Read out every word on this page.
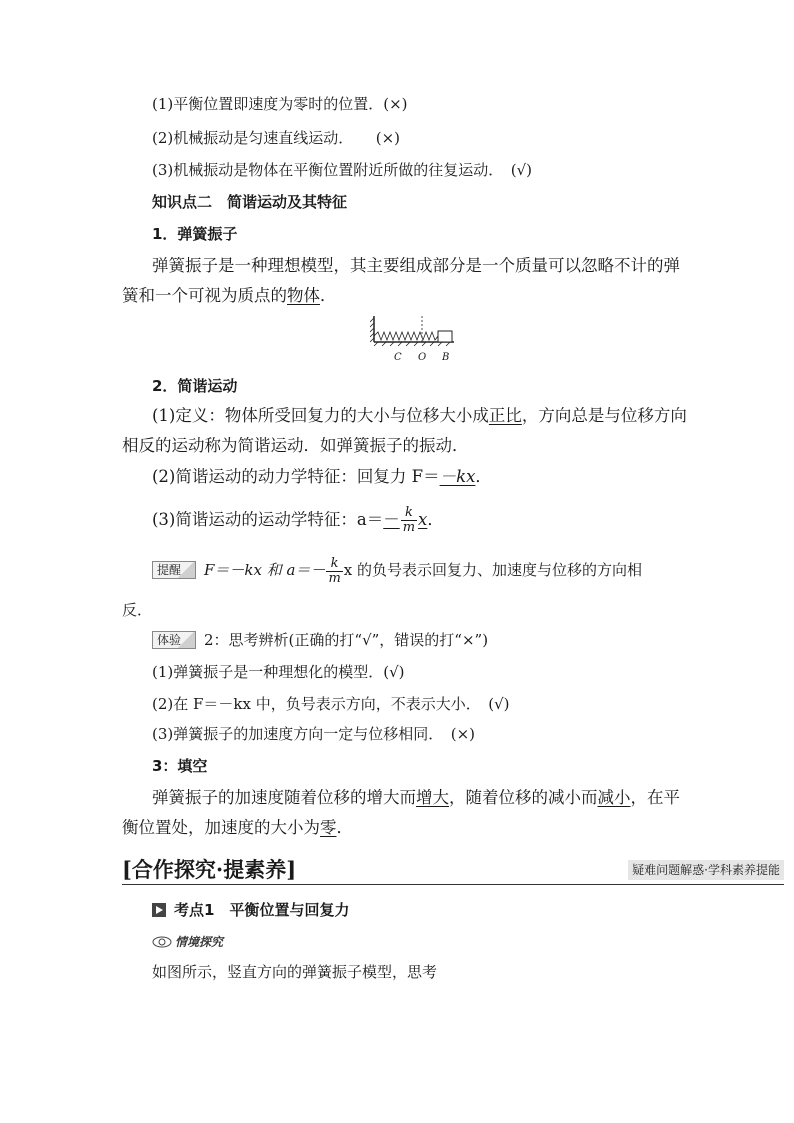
(1)平衡位置即速度为零时的位置．(×)
(2)机械振动是匀速直线运动．　　(×)
(3)机械振动是物体在平衡位置附近所做的往复运动．　(√)
知识点二　简谐运动及其特征
1．弹簧振子
弹簧振子是一种理想模型，其主要组成部分是一个质量可以忽略不计的弹
簧和一个可视为质点的物体．
C O B
2．简谐运动
(1)定义：物体所受回复力的大小与位移大小成正比，方向总是与位移方向
相反的运动称为简谐运动．如弹簧振子的振动．
(2)简谐运动的动力学特征：回复力 F＝－kx．
(3)简谐运动的运动学特征：$a=- \frac{k}{m}$ x．
提醒 F＝－kx 和 $a=- \frac{k}{m}$ x 的负号表示回复力、加速度与位移的方向相
反．
体验 2：思考辨析(正确的打“√”，错误的打“×”)
(1)弹簧振子是一种理想化的模型．(√)
(2)在 F＝－kx 中，负号表示方向，不表示大小．　(√)
(3)弹簧振子的加速度方向一定与位移相同．　(×)
3：填空
弹簧振子的加速度随着位移的增大而增大，随着位移的减小而减小，在平
衡位置处，加速度的大小为零．
[合作探究·提素养]	疑难问题解惑·学科素养提能
考点1　平衡位置与回复力
情境探究
如图所示，竖直方向的弹簧振子模型，思考
